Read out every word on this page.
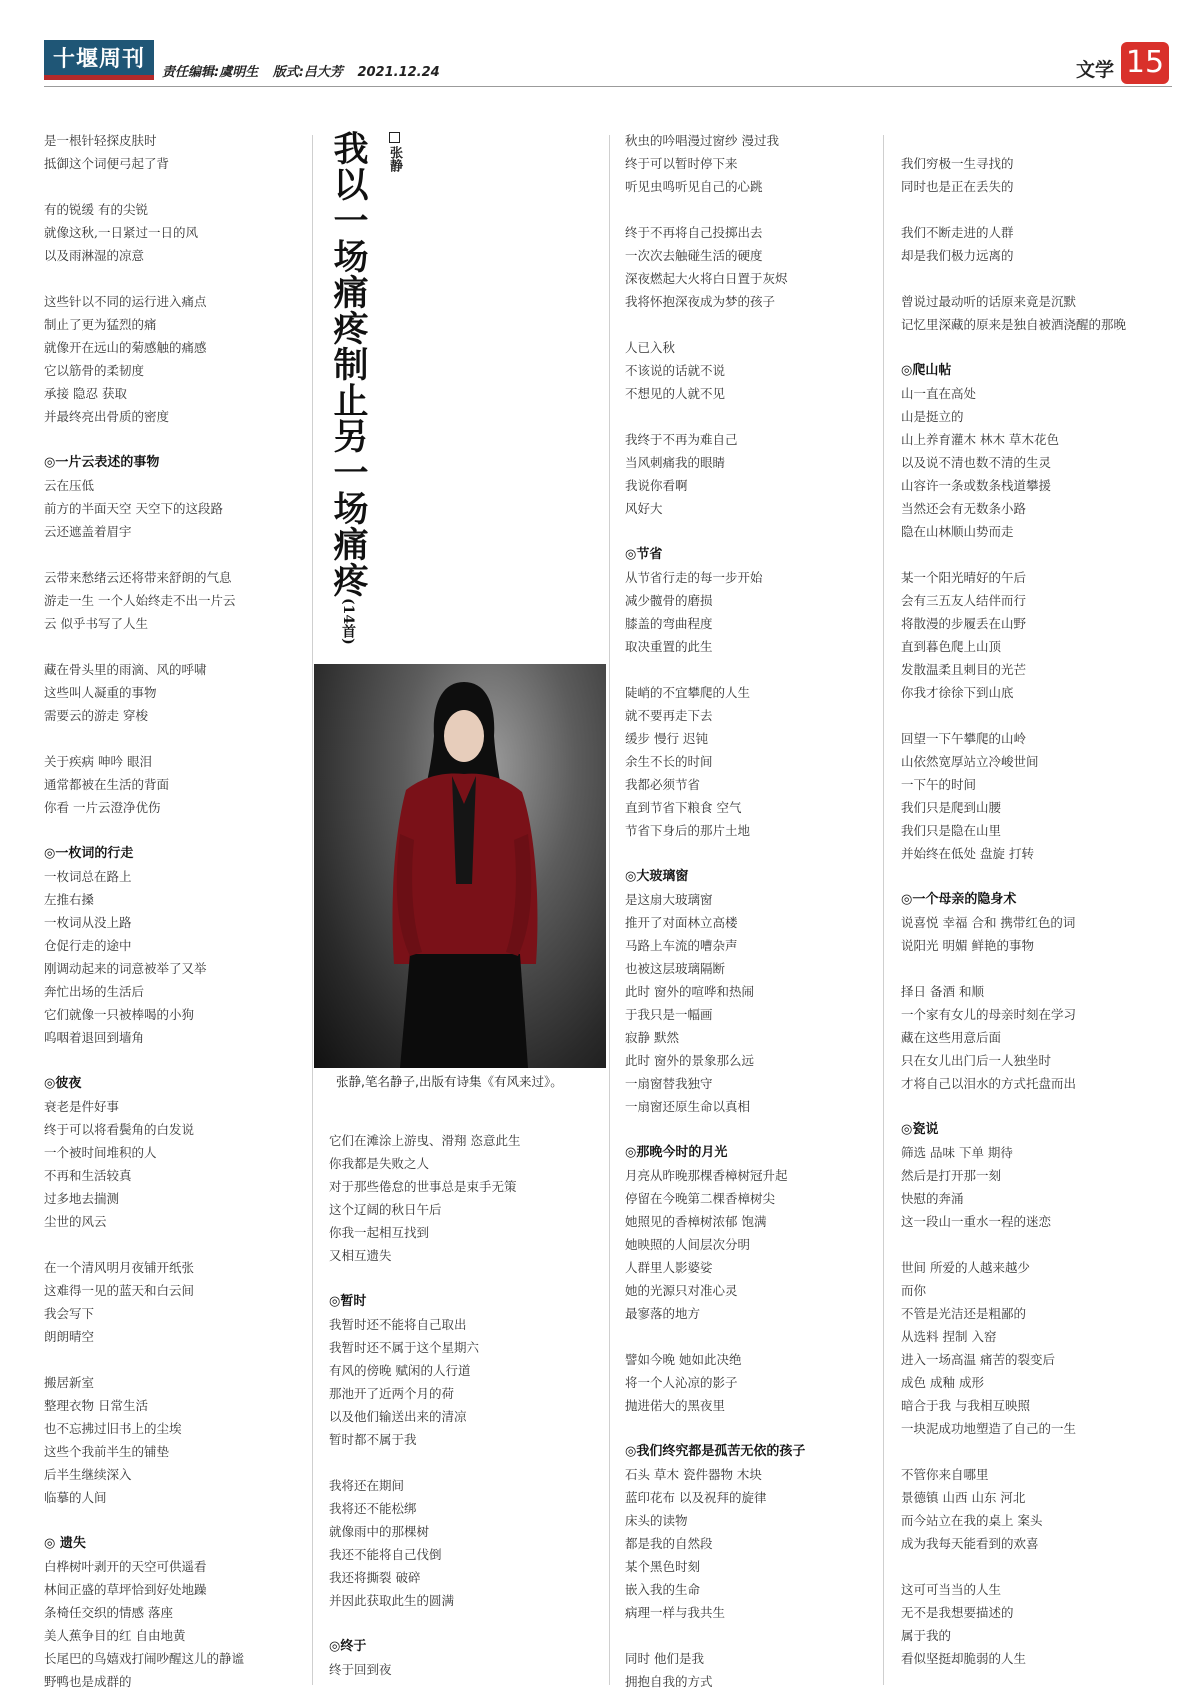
十堰周刊
责任编辑:虞明生 版式:吕大芳 2021.12.24	文学 15
我以一场痛疼制止另一场痛疼(14首)
张静
张静,笔名静子,出版有诗集《有风来过》。
是一根针轻探皮肤时
抵御这个词便弓起了背
有的锐缓 有的尖锐
就像这秋,一日紧过一日的风
以及雨淋湿的凉意
这些针以不同的运行进入痛点
制止了更为猛烈的痛
就像开在远山的菊感触的痛感
它以筋骨的柔韧度
承接 隐忍 获取
并最终亮出骨质的密度
◎一片云表述的事物
云在压低
前方的半面天空 天空下的这段路
云还遮盖着眉宇
云带来愁绪云还将带来舒朗的气息
游走一生 一个人始终走不出一片云
云 似乎书写了人生
藏在骨头里的雨滴、风的呼啸
这些叫人凝重的事物
需要云的游走 穿梭
关于疾病 呻吟 眼泪
通常都被在生活的背面
你看 一片云澄净优伤
◎一枚词的行走
一枚词总在路上
左推右搡
一枚词从没上路
仓促行走的途中
刚调动起来的词意被举了又举
奔忙出场的生活后
它们就像一只被棒喝的小狗
呜咽着退回到墙角
◎彼夜
衰老是件好事
终于可以将看鬓角的白发说
一个被时间堆积的人
不再和生活较真
过多地去揣测
尘世的风云
在一个清风明月夜铺开纸张
这难得一见的蓝天和白云间
我会写下
朗朗晴空
搬居新室
整理衣物 日常生活
也不忘拂过旧书上的尘埃
这些个我前半生的铺垫
后半生继续深入
临摹的人间
◎ 遗失
白桦树叶剥开的天空可供遥看
林间正盛的草坪恰到好处地躁
条椅任交织的情感 落座
美人蕉争目的红 自由地黄
长尾巴的鸟嬉戏打闹吵醒这儿的静谧
野鸭也是成群的
它们在滩涂上游曳、滑翔 恣意此生
你我都是失败之人
对于那些倦怠的世事总是束手无策
这个辽阔的秋日午后
你我一起相互找到
又相互遗失
◎暂时
我暂时还不能将自己取出
我暂时还不属于这个星期六
有风的傍晚 赋闲的人行道
那池开了近两个月的荷
以及他们输送出来的清凉
暂时都不属于我
我将还在期间
我将还不能松绑
就像雨中的那棵树
我还不能将自己伐倒
我还将撕裂 破碎
并因此获取此生的圆满
◎终于
终于回到夜
秋虫的吟唱漫过窗纱 漫过我
终于可以暂时停下来
听见虫鸣听见自己的心跳
终于不再将自己投掷出去
一次次去触碰生活的硬度
深夜燃起大火将白日置于灰烬
我将怀抱深夜成为梦的孩子
人已入秋
不该说的话就不说
不想见的人就不见
我终于不再为难自己
当风刺痛我的眼睛
我说你看啊
风好大
◎节省
从节省行走的每一步开始
减少髋骨的磨损
膝盖的弯曲程度
取决重置的此生
陡峭的不宜攀爬的人生
就不要再走下去
缓步 慢行 迟钝
余生不长的时间
我都必须节省
直到节省下粮食 空气
节省下身后的那片土地
◎大玻璃窗
是这扇大玻璃窗
推开了对面林立高楼
马路上车流的嘈杂声
也被这层玻璃隔断
此时 窗外的喧哗和热闹
于我只是一幅画
寂静 默然
此时 窗外的景象那么远
一扇窗替我独守
一扇窗还原生命以真相
◎那晚今时的月光
月亮从昨晚那棵香樟树冠升起
停留在今晚第二棵香樟树尖
她照见的香樟树浓郁 饱满
她映照的人间层次分明
人群里人影婆娑
她的光源只对准心灵
最寥落的地方
譬如今晚 她如此决绝
将一个人沁凉的影子
抛进偌大的黑夜里
◎我们终究都是孤苦无依的孩子
石头 草木 瓷件器物 木块
蓝印花布 以及祝拜的旋律
床头的读物
都是我的自然段
某个黑色时刻
嵌入我的生命
病理一样与我共生
同时 他们是我
拥抱自我的方式
我们穷极一生寻找的
同时也是正在丢失的
我们不断走进的人群
却是我们极力远离的
曾说过最动听的话原来竟是沉默
记忆里深藏的原来是独自被酒浇醒的那晚
◎爬山帖
山一直在高处
山是挺立的
山上养育灌木 林木 草木花色
以及说不清也数不清的生灵
山容许一条或数条栈道攀援
当然还会有无数条小路
隐在山林顺山势而走
某一个阳光晴好的午后
会有三五友人结伴而行
将散漫的步履丢在山野
直到暮色爬上山顶
发散温柔且刺目的光芒
你我才徐徐下到山底
回望一下午攀爬的山岭
山依然宽厚站立冷峻世间
一下午的时间
我们只是爬到山腰
我们只是隐在山里
并始终在低处 盘旋 打转
◎一个母亲的隐身术
说喜悦 幸福 合和 携带红色的词
说阳光 明媚 鲜艳的事物
择日 备酒 和顺
一个家有女儿的母亲时刻在学习
藏在这些用意后面
只在女儿出门后一人独坐时
才将自己以泪水的方式托盘而出
◎瓷说
筛选 品味 下单 期待
然后是打开那一刻
快慰的奔涌
这一段山一重水一程的迷恋
世间 所爱的人越来越少
而你
不管是光洁还是粗鄙的
从选料 捏制 入窑
进入一场高温 痛苦的裂变后
成色 成釉 成形
暗合于我 与我相互映照
一块泥成功地塑造了自己的一生
不管你来自哪里
景德镇 山西 山东 河北
而今站立在我的桌上 案头
成为我每天能看到的欢喜
这可可当当的人生
无不是我想要描述的
属于我的
看似坚挺却脆弱的人生
